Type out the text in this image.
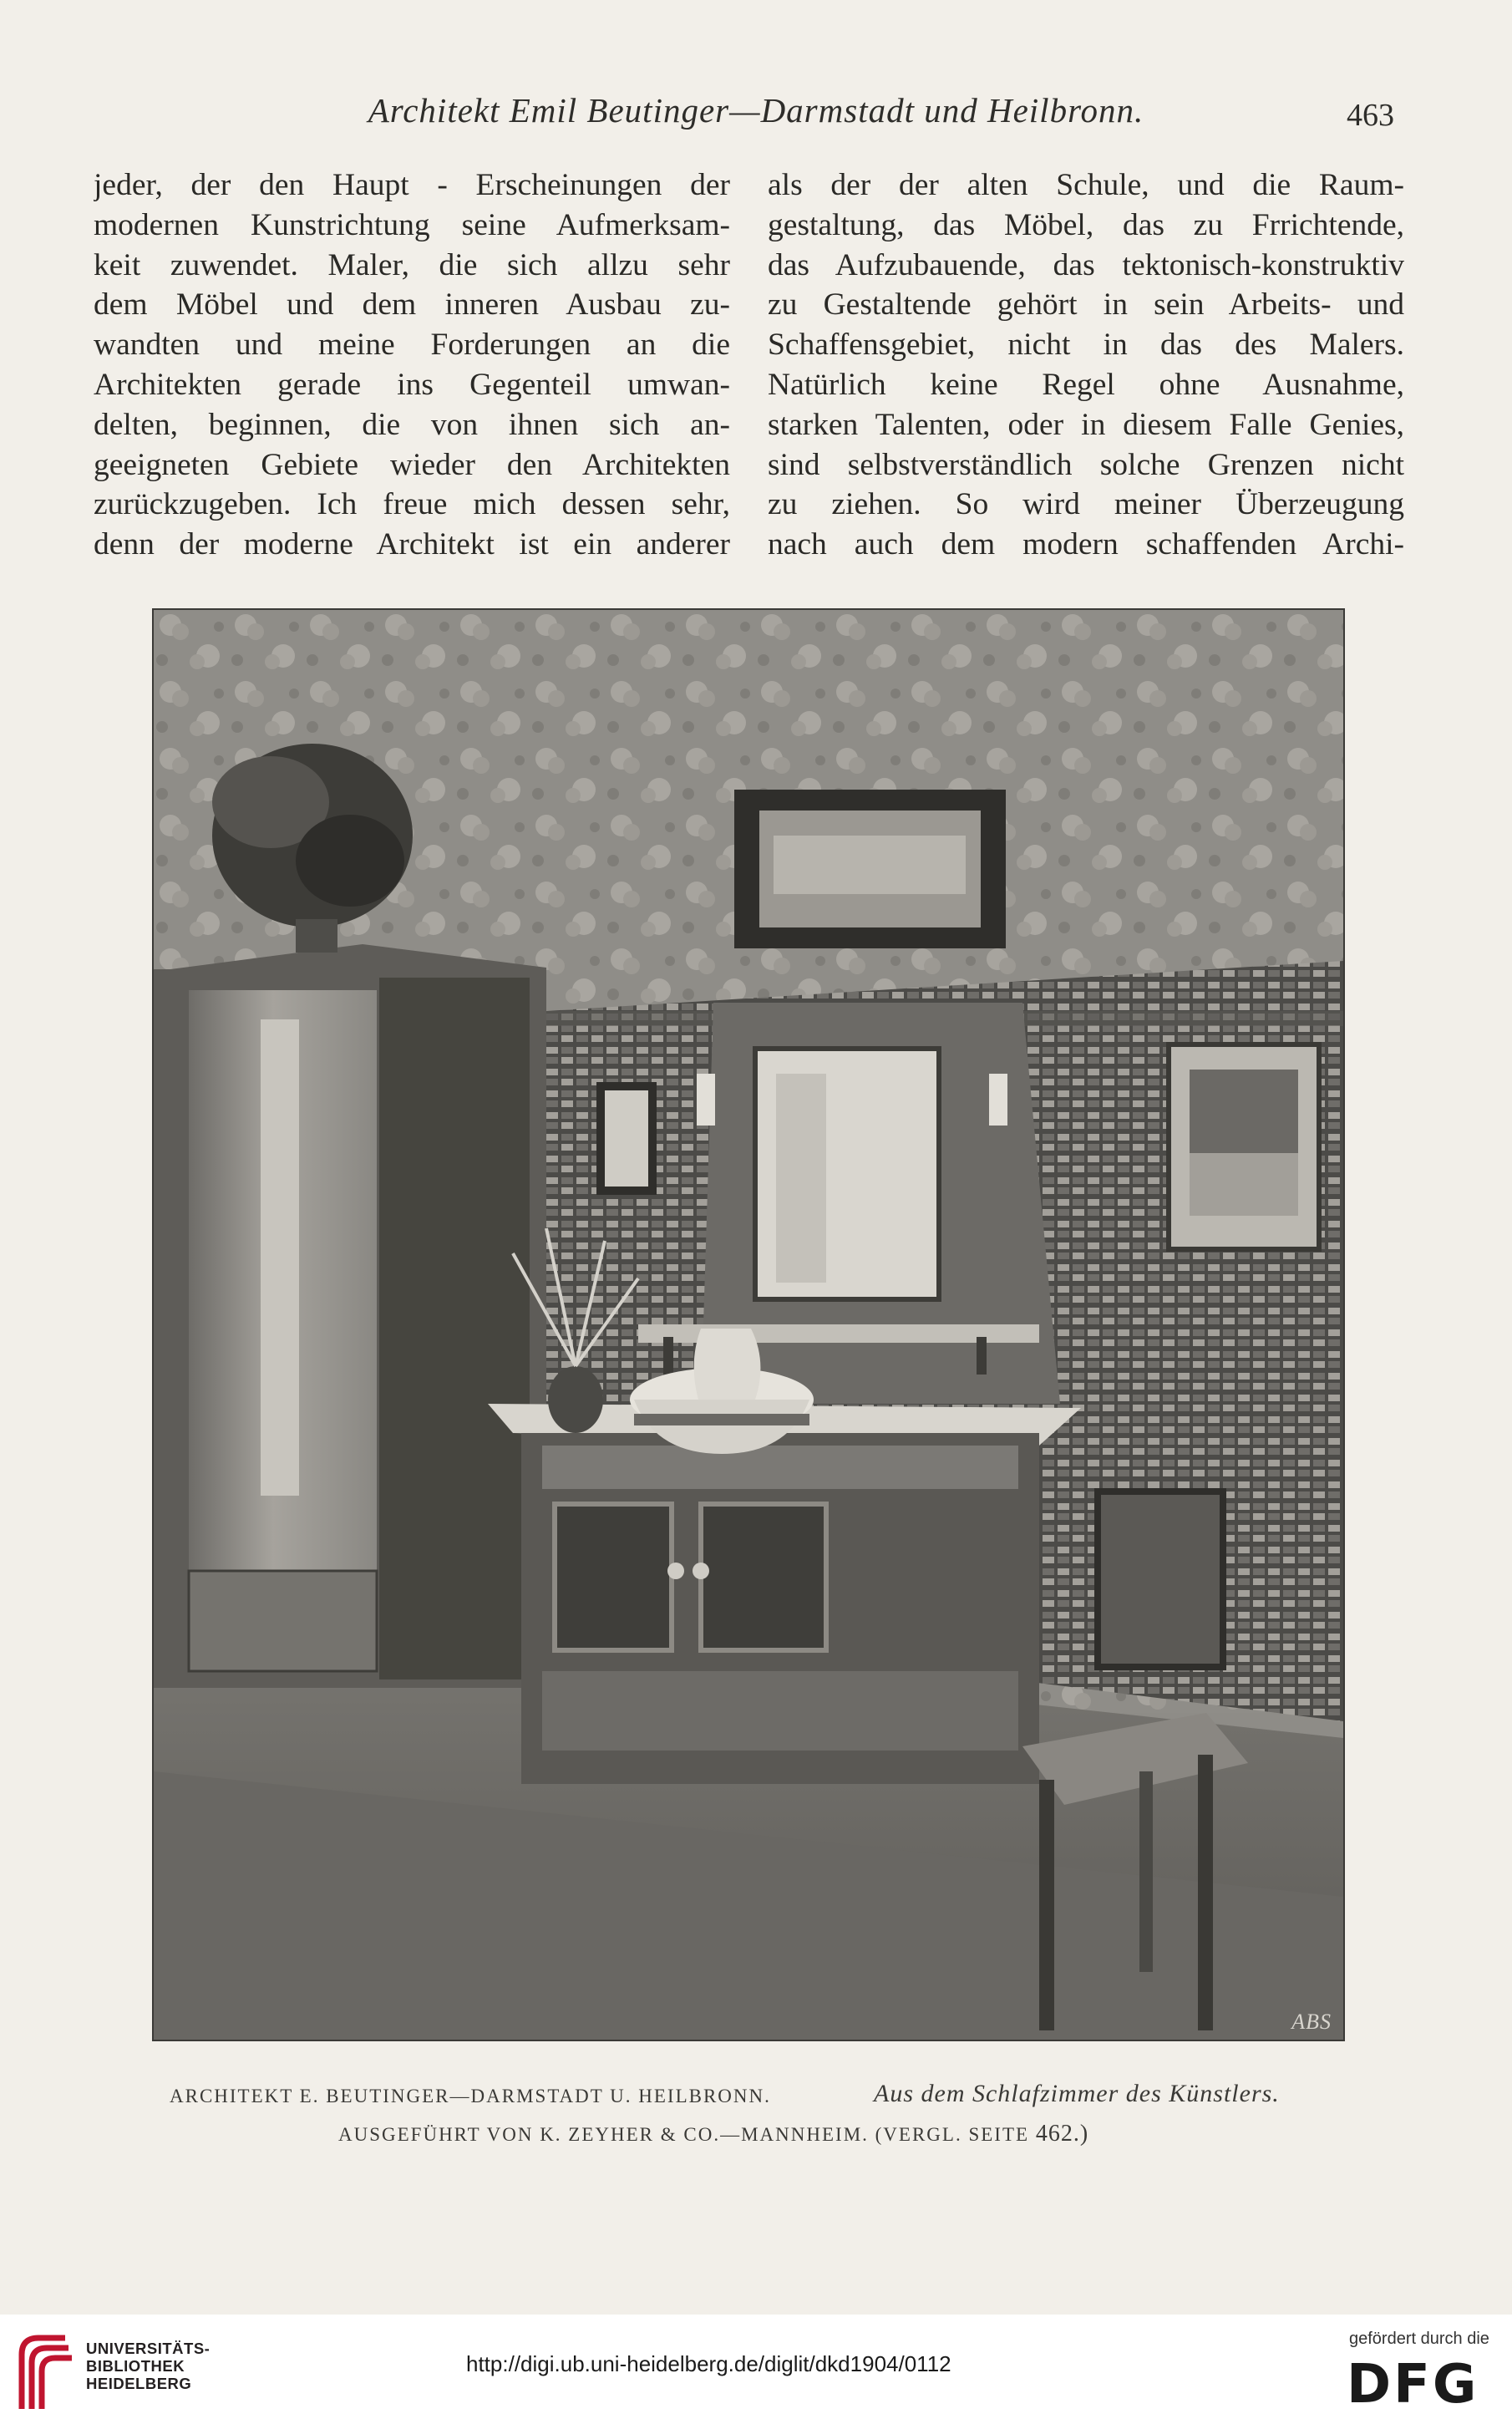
Architekt Emil Beutinger—Darmstadt und Heilbronn.	463
jeder, der den Haupt - Erscheinungen der
modernen Kunstrichtung seine Aufmerksam-
keit zuwendet. Maler, die sich allzu sehr
dem Möbel und dem inneren Ausbau zu-
wandten und meine Forderungen an die
Architekten gerade ins Gegenteil umwan-
delten, beginnen, die von ihnen sich an-
geeigneten Gebiete wieder den Architekten
zurückzugeben. Ich freue mich dessen sehr,
denn der moderne Architekt ist ein anderer
als der der alten Schule, und die Raum-
gestaltung, das Möbel, das zu Frrichtende,
das Aufzubauende, das tektonisch-konstruktiv
zu Gestaltende gehört in sein Arbeits- und
Schaffensgebiet, nicht in das des Malers.
Natürlich keine Regel ohne Ausnahme,
starken Talenten, oder in diesem Falle Genies,
sind selbstverständlich solche Grenzen nicht
zu ziehen. So wird meiner Überzeugung
nach auch dem modern schaffenden Archi-
ABS
ARCHITEKT E. BEUTINGER—DARMSTADT U. HEILBRONN.	Aus dem Schlafzimmer des Künstlers.
AUSGEFÜHRT VON K. ZEYHER & CO.—MANNHEIM. (VERGL. SEITE 462.)
UNIVERSITÄTS-
BIBLIOTHEK
HEIDELBERG
http://digi.ub.uni-heidelberg.de/diglit/dkd1904/0112
gefördert durch die
DFG
